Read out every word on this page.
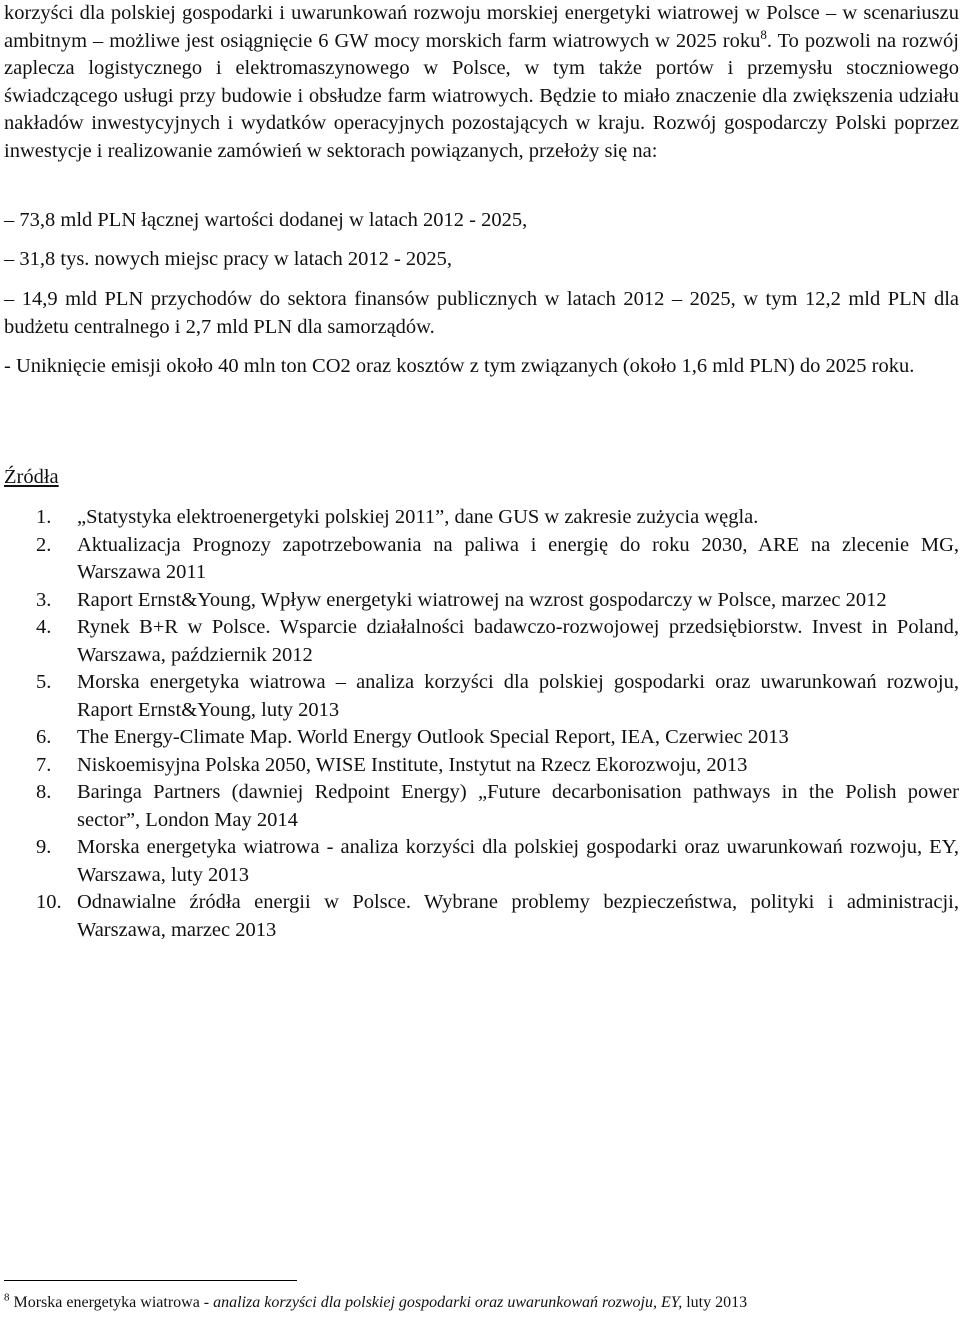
korzyści dla polskiej gospodarki i uwarunkowań rozwoju morskiej energetyki wiatrowej w Polsce – w scenariuszu ambitnym – możliwe jest osiągnięcie 6 GW mocy morskich farm wiatrowych w 2025 roku$^8$. To pozwoli na rozwój zaplecza logistycznego i elektromaszynowego w Polsce, w tym także portów i przemysłu stoczniowego świadczącego usługi przy budowie i obsłudze farm wiatrowych. Będzie to miało znaczenie dla zwiększenia udziału nakładów inwestycyjnych i wydatków operacyjnych pozostających w kraju. Rozwój gospodarczy Polski poprzez inwestycje i realizowanie zamówień w sektorach powiązanych, przełoży się na:

– 73,8 mld PLN łącznej wartości dodanej w latach 2012 - 2025,
– 31,8 tys. nowych miejsc pracy w latach 2012 - 2025,
– 14,9 mld PLN przychodów do sektora finansów publicznych w latach 2012 – 2025, w tym 12,2 mld PLN dla budżetu centralnego i 2,7 mld PLN dla samorządów.
- Uniknięcie emisji około 40 mln ton CO2 oraz kosztów z tym związanych (około 1,6 mld PLN) do 2025 roku.
Źródła
1.	„Statystyka elektroenergetyki polskiej 2011”, dane GUS w zakresie zużycia węgla.
2.	Aktualizacja Prognozy zapotrzebowania na paliwa i energię do roku 2030, ARE na zlecenie MG, Warszawa 2011
3.	Raport Ernst&Young, Wpływ energetyki wiatrowej na wzrost gospodarczy w Polsce, marzec 2012
4.	Rynek B+R w Polsce. Wsparcie działalności badawczo-rozwojowej przedsiębiorstw. Invest in Poland, Warszawa, październik 2012
5.	Morska energetyka wiatrowa – analiza korzyści dla polskiej gospodarki oraz uwarunkowań rozwoju, Raport Ernst&Young, luty 2013
6.	The Energy-Climate Map. World Energy Outlook Special Report, IEA, Czerwiec 2013
7.	Niskoemisyjna Polska 2050, WISE Institute, Instytut na Rzecz Ekorozwoju, 2013
8.	Baringa Partners (dawniej Redpoint Energy) „Future decarbonisation pathways in the Polish power sector”, London May 2014
9.	Morska energetyka wiatrowa - analiza korzyści dla polskiej gospodarki oraz uwarunkowań rozwoju, EY, Warszawa, luty 2013
10. Odnawialne źródła energii w Polsce. Wybrane problemy bezpieczeństwa, polityki i administracji, Warszawa, marzec 2013
$^8$ Morska energetyka wiatrowa - analiza korzyści dla polskiej gospodarki oraz uwarunkowań rozwoju, EY, luty 2013
